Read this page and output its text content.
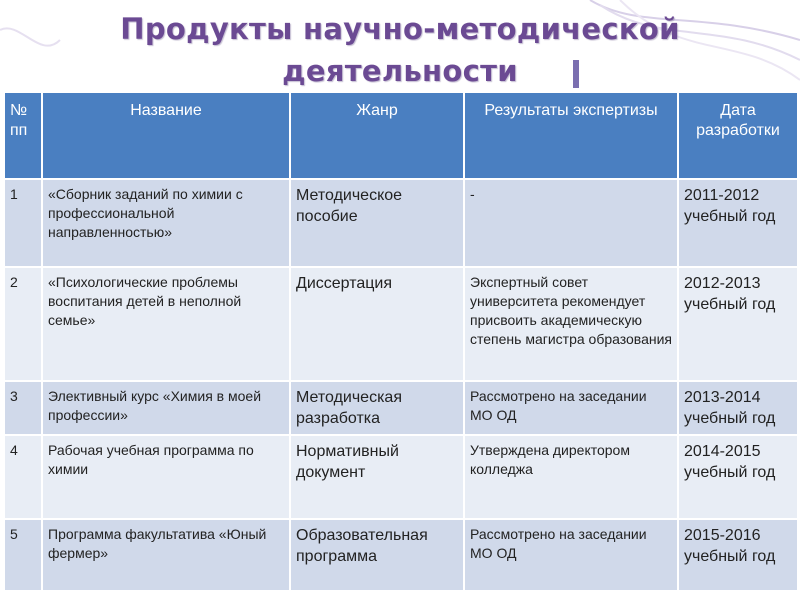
Продукты научно-методической
деятельности
№ пп	Название	Жанр	Результаты экспертизы	Дата разработки
1	«Сборник заданий по химии с профессиональной направленностью»	Методическое пособие	-	2011-2012 учебный год
2	«Психологические проблемы воспитания детей в неполной семье»	Диссертация	Экспертный совет университета рекомендует присвоить академическую степень магистра образования	2012-2013 учебный год
3	Элективный курс «Химия в моей профессии»	Методическая разработка	Рассмотрено на заседании МО ОД	2013-2014 учебный год
4	Рабочая учебная программа по химии	Нормативный документ	Утверждена директором колледжа	2014-2015 учебный год
5	Программа факультатива «Юный фермер»	Образовательная программа	Рассмотрено на заседании МО ОД	2015-2016 учебный год
